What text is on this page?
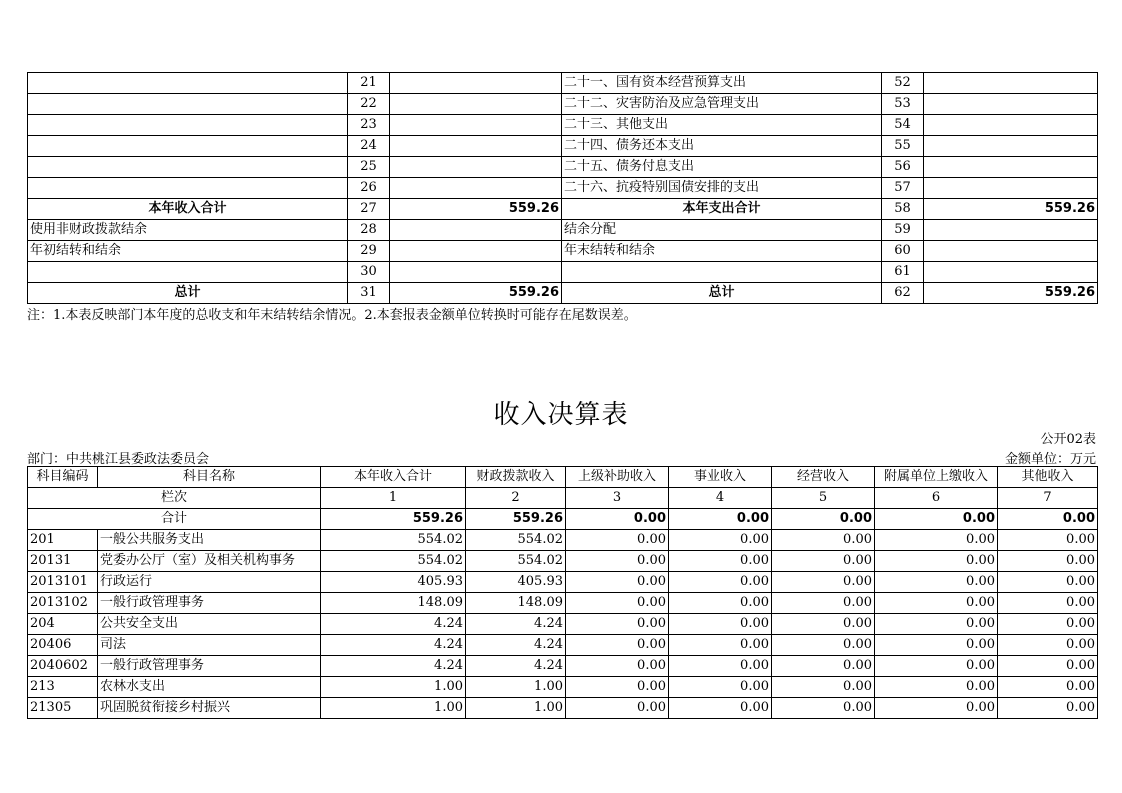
	21		二十一、国有资本经营预算支出	52	
	22		二十二、灾害防治及应急管理支出	53	
	23		二十三、其他支出	54	
	24		二十四、债务还本支出	55	
	25		二十五、债务付息支出	56	
	26		二十六、抗疫特别国债安排的支出	57	
本年收入合计	27	559.26	本年支出合计	58	559.26
使用非财政拨款结余	28		结余分配	59	
年初结转和结余	29		年末结转和结余	60	
	30			61	
总计	31	559.26	总计	62	559.26
注：1.本表反映部门本年度的总收支和年末结转结余情况。2.本套报表金额单位转换时可能存在尾数误差。
收入决算表
公开02表
部门：中共桃江县委政法委员会	金额单位：万元
科目编码	科目名称	本年收入合计	财政拨款收入	上级补助收入	事业收入	经营收入	附属单位上缴收入	其他收入
栏次		1	2	3	4	5	6	7
合计		559.26	559.26	0.00	0.00	0.00	0.00	0.00
201	一般公共服务支出	554.02	554.02	0.00	0.00	0.00	0.00	0.00
20131	党委办公厅（室）及相关机构事务	554.02	554.02	0.00	0.00	0.00	0.00	0.00
2013101	行政运行	405.93	405.93	0.00	0.00	0.00	0.00	0.00
2013102	一般行政管理事务	148.09	148.09	0.00	0.00	0.00	0.00	0.00
204	公共安全支出	4.24	4.24	0.00	0.00	0.00	0.00	0.00
20406	司法	4.24	4.24	0.00	0.00	0.00	0.00	0.00
2040602	一般行政管理事务	4.24	4.24	0.00	0.00	0.00	0.00	0.00
213	农林水支出	1.00	1.00	0.00	0.00	0.00	0.00	0.00
21305	巩固脱贫衔接乡村振兴	1.00	1.00	0.00	0.00	0.00	0.00	0.00
